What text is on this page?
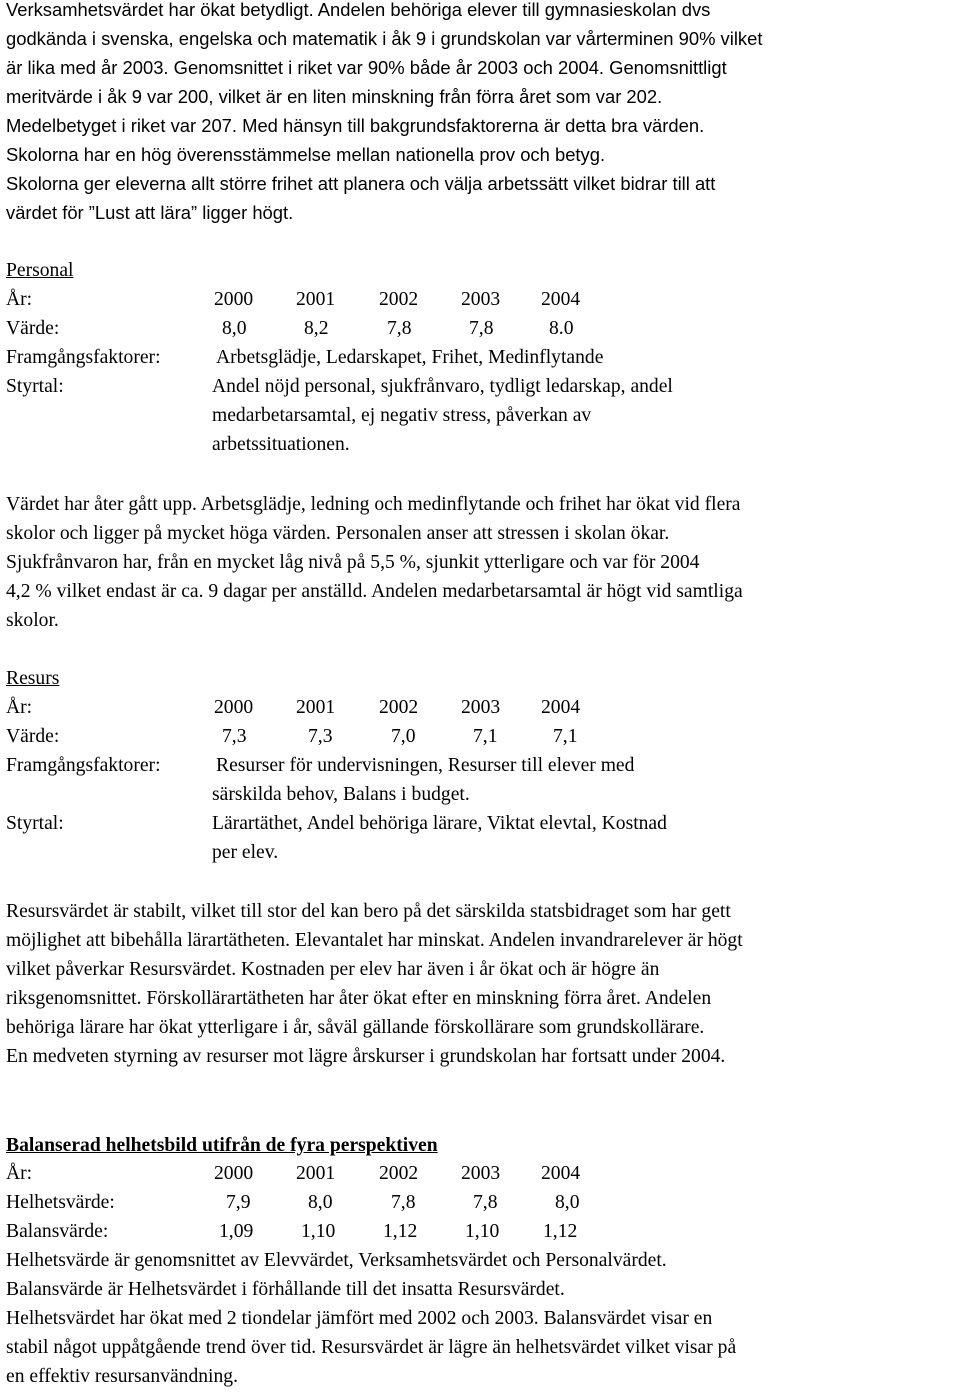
Verksamhetsvärdet har ökat betydligt. Andelen behöriga elever till gymnasieskolan dvs
godkända i svenska, engelska och matematik i åk 9 i grundskolan var vårterminen 90% vilket
är lika med år 2003. Genomsnittet i riket var 90% både år 2003 och 2004. Genomsnittligt
meritvärde i åk 9 var 200, vilket är en liten minskning från förra året som var 202.
Medelbetyget i riket var 207. Med hänsyn till bakgrundsfaktorerna är detta bra värden.
Skolorna har en hög överensstämmelse mellan nationella prov och betyg.
Skolorna ger eleverna allt större frihet att planera och välja arbetssätt vilket bidrar till att
värdet för ”Lust att lära” ligger högt.
Personal
År:	2000 2001 2002 2003 2004
Värde:	8,0	8,2	7,8	7,8	8.0
Framgångsfaktorer:	Arbetsglädje, Ledarskapet, Frihet, Medinflytande
Styrtal:	Andel nöjd personal, sjukfrånvaro, tydligt ledarskap, andel
medarbetarsamtal, ej negativ stress, påverkan av
arbetssituationen.
Värdet har åter gått upp. Arbetsglädje, ledning och medinflytande och frihet har ökat vid flera
skolor och ligger på mycket höga värden. Personalen anser att stressen i skolan ökar.
Sjukfrånvaron har, från en mycket låg nivå på 5,5 %, sjunkit ytterligare och var för 2004
4,2 % vilket endast är ca. 9 dagar per anställd. Andelen medarbetarsamtal är högt vid samtliga
skolor.
Resurs
År:	2000 2001 2002 2003 2004
Värde:	7,3	7,3	7,0	7,1	7,1
Framgångsfaktorer:	Resurser för undervisningen, Resurser till elever med
särskilda behov, Balans i budget.
Styrtal:	Lärartäthet, Andel behöriga lärare, Viktat elevtal, Kostnad
per elev.
Resursvärdet är stabilt, vilket till stor del kan bero på det särskilda statsbidraget som har gett
möjlighet att bibehålla lärartätheten. Elevantalet har minskat. Andelen invandrarelever är högt
vilket påverkar Resursvärdet. Kostnaden per elev har även i år ökat och är högre än
riksgenomsnittet. Förskollärartätheten har åter ökat efter en minskning förra året. Andelen
behöriga lärare har ökat ytterligare i år, såväl gällande förskollärare som grundskollärare.
En medveten styrning av resurser mot lägre årskurser i grundskolan har fortsatt under 2004.
Balanserad helhetsbild utifrån de fyra perspektiven
År:	2000 2001 2002 2003 2004
Helhetsvärde:	7,9	8,0	7,8	7,8	8,0
Balansvärde:	1,09 1,10 1,12 1,10 1,12
Helhetsvärde är genomsnittet av Elevvärdet, Verksamhetsvärdet och Personalvärdet.
Balansvärde är Helhetsvärdet i förhållande till det insatta Resursvärdet.
Helhetsvärdet har ökat med 2 tiondelar jämfört med 2002 och 2003. Balansvärdet visar en
stabil något uppåtgående trend över tid. Resursvärdet är lägre än helhetsvärdet vilket visar på
en effektiv resursanvändning.
